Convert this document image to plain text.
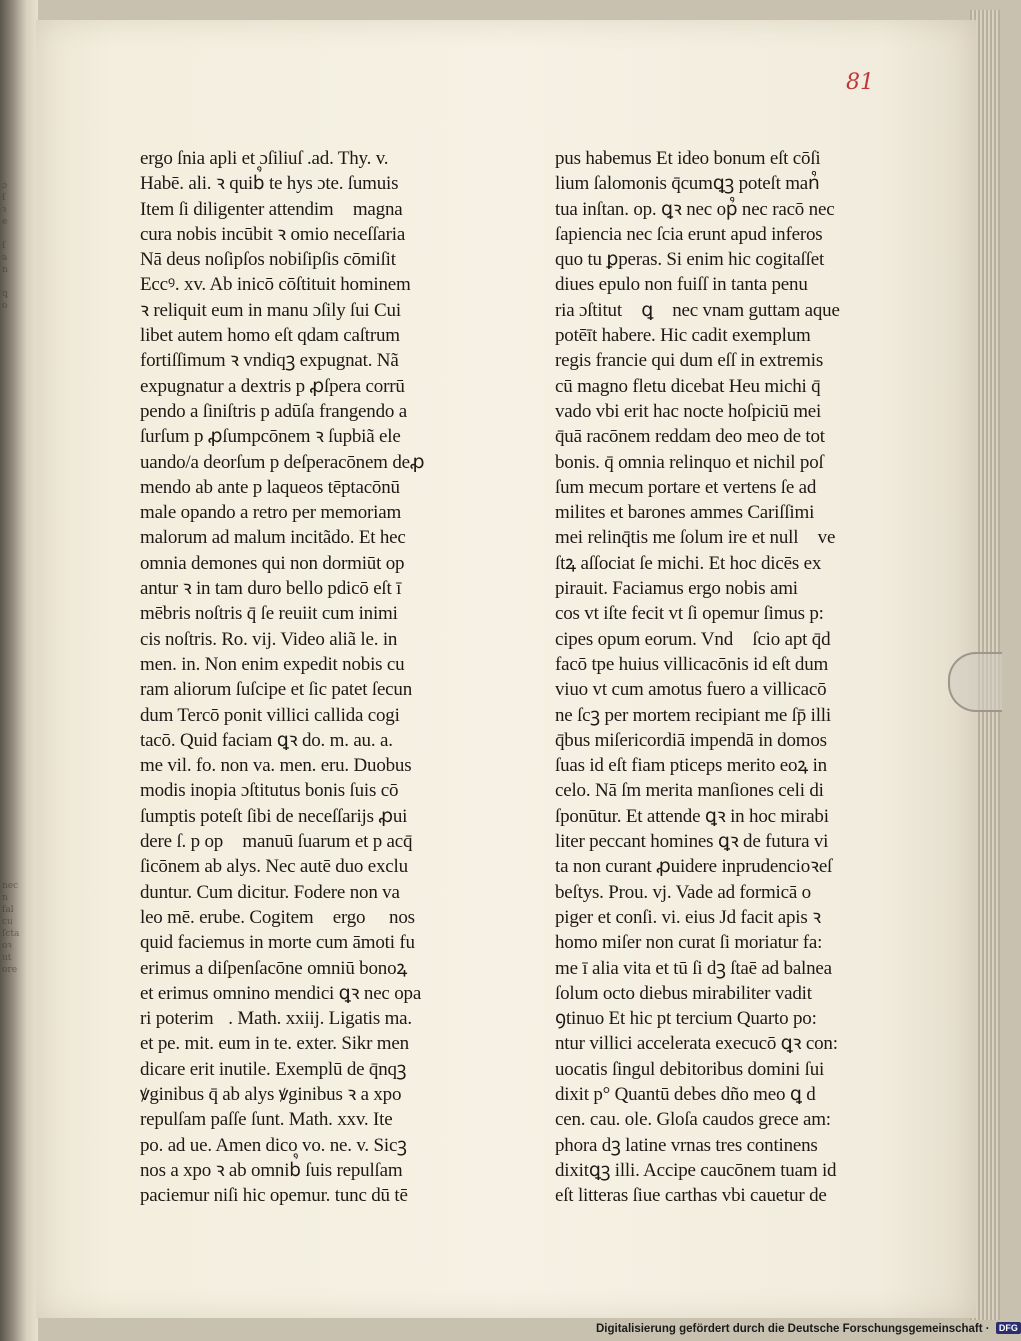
ɔ
ſ
ꝛ
e

ſ
a
n

ꝗ
o
nec
n
ſal
cu
ſcta
oꝛ
ut
ore
81
ergo ſnia apli et ɔſiliuſ .ad. Thy. v.
Habē. ali. ꝛ quib᷒ te hys ɔte. ſumuis
Item ſi diligenter attendim᷒ magna
cura nobis incūbit ꝛ omio neceſſaria
Nā deus noſipſos nobiſipſis cōmiſit
Eccꝰ. xv. Ab inicō cōſtituit hominem
ꝛ reliquit eum in manu ɔſily ſui Cui
libet autem homo eſt qdam caſtrum
fortiſſimum ꝛ vndiqꝫ expugnat. Nã
expugnatur a dextris p ꝓſpera corrū
pendo a ſiniſtris p adūſa frangendo a
ſurſum p ꝓſumpcōnem ꝛ ſupbiã ele
uando/a deorſum p deſperacōnem deꝓ
mendo ab ante p laqueos tēptacōnū
male opando a retro per memoriam
malorum ad malum incitãdo. Et hec
omnia demones qui non dormiūt op
antur ꝛ in tam duro bello pdicō eſt ī
mēbris noſtris q̄ ſe reuiit cum inimi
cis noſtris. Ro. vij. Video aliã le. in
men. in. Non enim expedit nobis cu
ram aliorum ſuſcipe et ſic patet ſecun
dum Tercō ponit villici callida cogi
tacō. Quid faciam ꝗꝛ do. m. au. a.
me vil. fo. non va. men. eru. Duobus
modis inopia ɔſtitutus bonis ſuis cō
ſumptis poteſt ſibi de neceſſarijs ꝓui
dere ſ. p op᷒ manuū ſuarum et p acq̄
ſicōnem ab alys. Nec autē duo exclu
duntur. Cum dicitur. Fodere non va
leo mē. erube. Cogitem᷒ ergo ꝛ nos
quid faciemus in morte cum āmoti fu
erimus a diſpenſacōne omniū bonoꝝ
et erimus omnino mendici ꝗꝛ nec opa
ri poterim᷒. Math. xxiij. Ligatis ma.
et pe. mit. eum in te. exter. Sikr men
dicare erit inutile. Exemplū de q̄nqꝫ
ꝟginibus q̄ ab alys ꝟginibus ꝛ a xpo
repulſam paſſe ſunt. Math. xxv. Ite
po. ad ue. Amen dico vo. ne. v. Sicꝫ
nos a xpo ꝛ ab omnib᷒ ſuis repulſam
paciemur niſi hic opemur. tunc dū tē
pus habemus Et ideo bonum eſt cōſi
lium ſalomonis q̄cumꝗꝫ poteſt man᷒
tua inſtan. op. ꝗꝛ nec op᷒ nec racō nec
ſapiencia nec ſcia erunt apud inferos
quo tu ꝑperas. Si enim hic cogitaſſet
diues epulo non fuiſſ in tanta penu
ria ɔſtitut᷒ ꝗꝛ nec vnam guttam aque
potēīt habere. Hic cadit exemplum
regis francie qui dum eſſ in extremis
cū magno fletu dicebat Heu michi q̄
vado vbi erit hac nocte hoſpiciū mei
q̄uā racōnem reddam deo meo de tot
bonis. q̄ omnia relinquo et nichil poſ
ſum mecum portare et vertens ſe ad
milites et barones ammes Cariſſimi
mei relinq̄tis me ſolum ire et null᷒ ve
ſtꝝ aſſociat ſe michi. Et hoc dicēs ex
pirauit. Faciamus ergo nobis ami
cos vt iſte fecit vt ſi opemur ſimus p:
cipes opum eorum. Vnd᷒ ſcio apt q̄d
facō tpe huius villicacōnis id eſt dum
viuo vt cum amotus fuero a villicacō
ne ſcꝫ per mortem recipiant me ſp̄ illi
q̄bus miſericordiā impendā in domos
ſuas id eſt fiam pticeps merito eoꝝ in
celo. Nā ſm merita manſiones celi di
ſponūtur. Et attende ꝗꝛ in hoc mirabi
liter peccant homines ꝗꝛ de futura vi
ta non curant ꝓuidere inprudencioꝛeſ
beſtys. Prou. vj. Vade ad formicā o
piger et conſi. vi. eius Jd facit apis ꝛ
homo miſer non curat ſi moriatur fa:
me ī alia vita et tū ſi dꝫ ſtaē ad balnea
ſolum octo diebus mirabiliter vadit
ꝯtinuo Et hic pt tercium Quarto po:
ntur villici accelerata execucō ꝗꝛ con:
uocatis ſingul debitoribus domini ſui
dixit p° Quantū debes dño meo ꝗ d
cen. cau. ole. Gloſa caudos grece am:
phora dꝫ latine vrnas tres continens
dixitꝗꝫ illi. Accipe caucōnem tuam id
eſt litteras ſiue carthas vbi cauetur de
Digitalisierung gefördert durch die Deutsche Forschungsgemeinschaft · DFG
